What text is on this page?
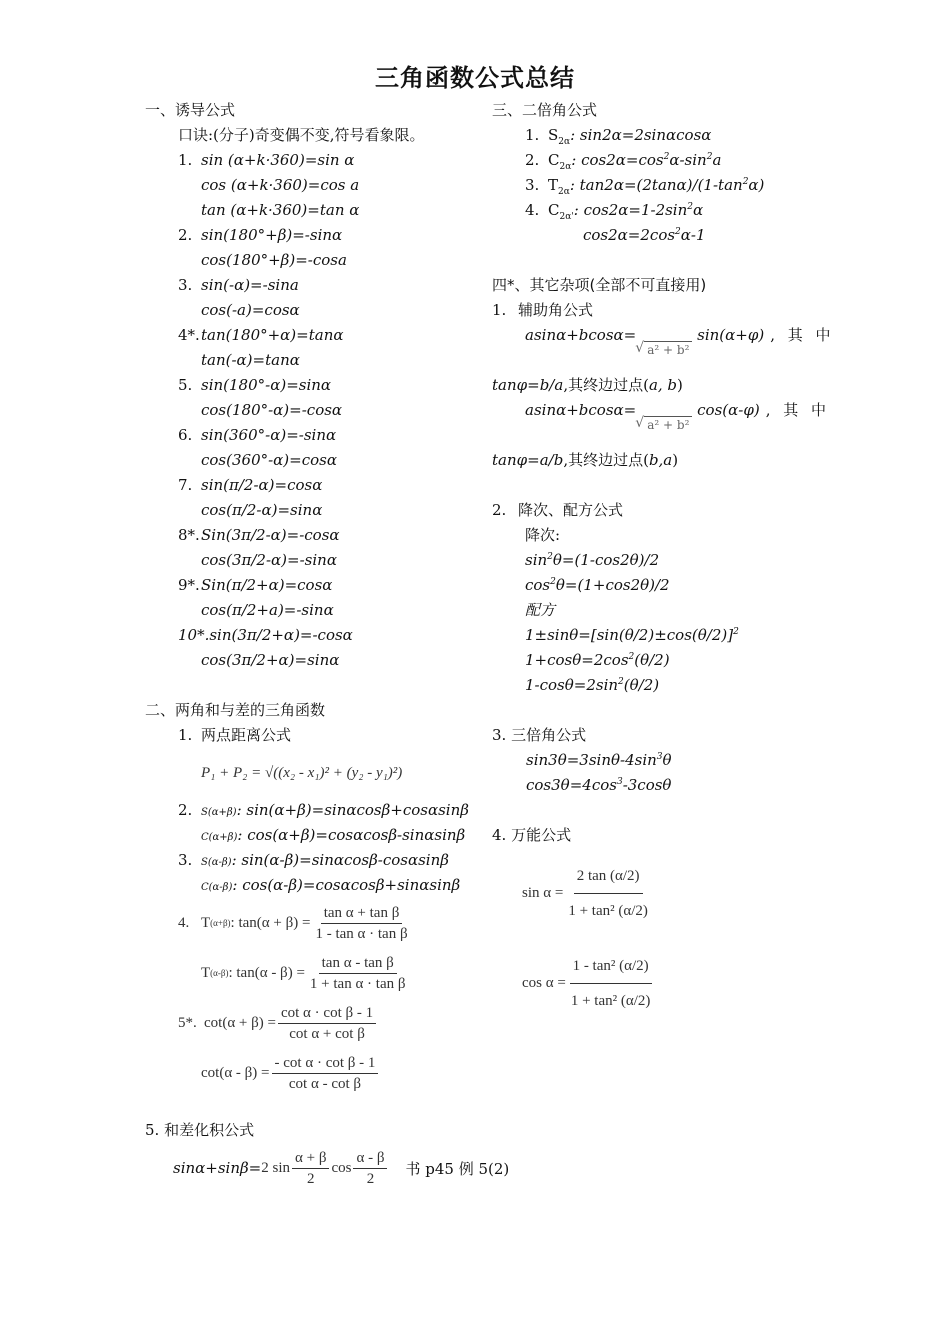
三角函数公式总结
一、诱导公式
口诀:(分子)奇变偶不变,符号看象限。
1. sin (α+k·360)=sin α
cos (α+k·360)=cos a
tan (α+k·360)=tan α
2. sin(180°+β)=-sinα
cos(180°+β)=-cosa
3. sin(-α)=-sina
cos(-a)=cosα
4*.tan(180°+α)=tanα
tan(-α)=tanα
5. sin(180°-α)=sinα
cos(180°-α)=-cosα
6. sin(360°-α)=-sinα
cos(360°-α)=cosα
7. sin(π/2-α)=cosα
cos(π/2-α)=sinα
8*.Sin(3π/2-α)=-cosα
cos(3π/2-α)=-sinα
9*.Sin(π/2+α)=cosα
cos(π/2+a)=-sinα
10*.sin(3π/2+α)=-cosα
cos(3π/2+α)=sinα
二、两角和与差的三角函数
1. 两点距离公式
P₁ + P₂ = √((x₂ - x₁)² + (y₂ - y₁)²)
2. S(α+β): sin(α+β)=sinαcosβ+cosαsinβ
C(α+β): cos(α+β)=cosαcosβ-sinαsinβ
3. S(α-β): sin(α-β)=sinαcosβ-cosαsinβ
C(α-β): cos(α-β)=cosαcosβ+sinαsinβ
4. T (α+β) : $\tan(\alpha + \beta) = \frac{\text{tan α + tan β}}{\text{1 - tan α · tan β}}$
T (α-β) : $\tan(\alpha - \beta) = \frac{\text{tan α - tan β}}{\text{1 + tan α · tan β}}$
5*. $\cot(\alpha + \beta) = \frac{\text{cot α · cot β - 1}}{\text{cot α + cot β}}$
$\cot(\alpha - \beta) = \frac{\text{- cot α · cot β - 1}}{\text{cot α - cot β}}$
三、二倍角公式
1. $S_{2\alpha}$: sin2α=2sinαcosα
2. $C_{2\alpha}$: $\cos 2\alpha=\cos^2\alpha-\sin^2a$
3. $T_{2\alpha}$: $\tan 2\alpha=(2\tan\alpha)/(1-\tan^2\alpha)$
4. $C_{2\alpha'}$: $\cos 2\alpha=1-2\sin^2\alpha$
$\cos 2\alpha=2\cos^2\alpha-1$
四*、其它杂项(全部不可直接用)
1. 辅助角公式
asinα+bcosα=√ a² + b² sin(α+φ) , 其 中
tanφ=b/a,其终边过点(a, b)
asinα+bcosα=√ a² + b² cos(α-φ) , 其 中
tanφ=a/b,其终边过点(b,a)
2. 降次、配方公式
降次:
$\sin^2\theta=(1-\cos 2\theta)/2$
$\cos^2\theta=(1+\cos 2\theta)/2$
配方
$1\pm\sin\theta=[\sin(\theta/2)\pm\cos(\theta/2)]^2$
$1+\cos\theta=2\cos^2(\theta/2)$
$1-\cos\theta=2\sin^2(\theta/2)$
3. 三倍角公式
$\sin 3\theta=3\sin\theta-4\sin^3\theta$
$\cos 3\theta=4\cos^3-3\cos\theta$
4. 万能公式
$\sin \alpha = \frac{2 \tan (\alpha/2)}{\text{1 + tan² (α/2)}}$
$\cos \alpha = \frac{\text{1 - tan² (α/2)}}{\text{1 + tan² (α/2)}}$
5. 和差化积公式
sinα+sinβ= 2 $\sin \frac{\alpha + \beta}{2}$ $\cos \frac{\alpha - \beta}{2}$ 书 p45 例 5(2)
